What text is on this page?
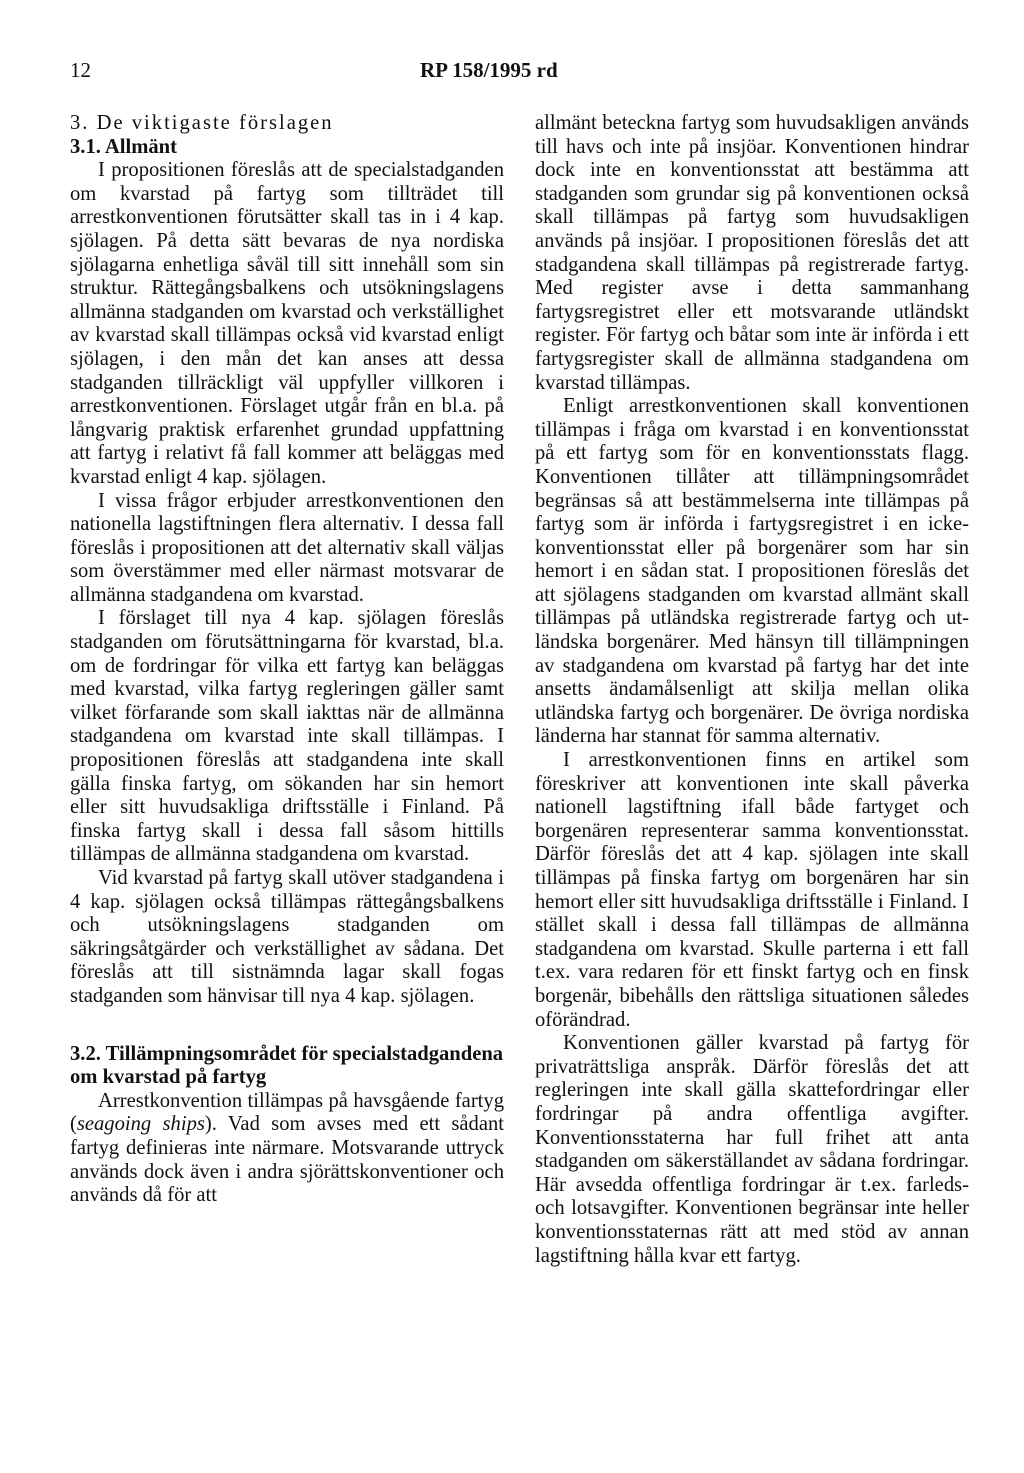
12	RP 158/1995 rd

3. De viktigaste förslagen

3.1. Allmänt

I propositionen föreslås att de specialstadganden om kvarstad på fartyg som tillträdet till arrestkonventionen förutsätter skall tas in i 4 kap. sjölagen. På detta sätt bevaras de nya nordiska sjölagarna enhetliga såväl till sitt innehåll som sin struktur. Rättegångsbalkens och utsökningslagens allmänna stadganden om kvarstad och verkställighet av kvarstad skall tillämpas också vid kvarstad enligt sjölagen, i den mån det kan anses att dessa stadganden tillräckligt väl uppfyller villkoren i arrestkonventionen. Förslaget utgår från en bl.a. på långvarig praktisk erfarenhet grundad uppfattning att fartyg i relativt få fall kommer att beläggas med kvarstad enligt 4 kap. sjölagen.

I vissa frågor erbjuder arrestkonventionen den nationella lagstiftningen flera alternativ. I dessa fall föreslås i propositionen att det alternativ skall väljas som överstämmer med eller närmast motsvarar de allmänna stadgandena om kvarstad.

I förslaget till nya 4 kap. sjölagen föreslås stadganden om förutsättningarna för kvarstad, bl.a. om de fordringar för vilka ett fartyg kan beläggas med kvarstad, vilka fartyg regleringen gäller samt vilket förfarande som skall iakttas när de allmänna stadgandena om kvarstad inte skall tillämpas. I propositionen föreslås att stadgandena inte skall gälla finska fartyg, om sökanden har sin hemort eller sitt huvudsakliga driftsställe i Finland. På finska fartyg skall i dessa fall såsom hittills tillämpas de allmänna stadgandena om kvarstad.

Vid kvarstad på fartyg skall utöver stadgandena i 4 kap. sjölagen också tillämpas rättegångsbalkens och utsökningslagens stadganden om säkringsåtgärder och verkställighet av sådana. Det föreslås att till sistnämnda lagar skall fogas stadganden som hänvisar till nya 4 kap. sjölagen.

3.2. Tillämpningsområdet för specialstadgandena om kvarstad på fartyg

Arrestkonvention tillämpas på havsgående fartyg (seagoing ships). Vad som avses med ett sådant fartyg definieras inte närmare. Motsvarande uttryck används dock även i andra sjörättskonventioner och används då för att

allmänt beteckna fartyg som huvudsakligen används till havs och inte på insjöar. Konventionen hindrar dock inte en konventionsstat att bestämma att stadganden som grundar sig på konventionen också skall tillämpas på fartyg som huvudsakligen används på insjöar. I propositionen föreslås det att stadgandena skall tillämpas på registrerade fartyg. Med register avse i detta sammanhang fartygsregistret eller ett motsvarande utländskt register. För fartyg och båtar som inte är införda i ett fartygsregister skall de allmänna stadgandena om kvarstad tillämpas.

Enligt arrestkonventionen skall konventionen tillämpas i fråga om kvarstad i en konventionsstat på ett fartyg som för en konventionsstats flagg. Konventionen tillåter att tillämpningsområdet begränsas så att bestämmelserna inte tillämpas på fartyg som är införda i fartygsregistret i en icke-konventionsstat eller på borgenärer som har sin hemort i en sådan stat. I propositionen föreslås det att sjölagens stadganden om kvarstad allmänt skall tillämpas på utländska registrerade fartyg och utländska borgenärer. Med hänsyn till tillämpningen av stadgandena om kvarstad på fartyg har det inte ansetts ändamålsenligt att skilja mellan olika utländska fartyg och borgenärer. De övriga nordiska länderna har stannat för samma alternativ.

I arrestkonventionen finns en artikel som föreskriver att konventionen inte skall påverka nationell lagstiftning ifall både fartyget och borgenären representerar samma konventionsstat. Därför föreslås det att 4 kap. sjölagen inte skall tillämpas på finska fartyg om borgenären har sin hemort eller sitt huvudsakliga driftsställe i Finland. I stället skall i dessa fall tillämpas de allmänna stadgandena om kvarstad. Skulle parterna i ett fall t.ex. vara redaren för ett finskt fartyg och en finsk borgenär, bibehålls den rättsliga situationen således oförändrad.

Konventionen gäller kvarstad på fartyg för privaträttsliga anspråk. Därför föreslås det att regleringen inte skall gälla skattefordringar eller fordringar på andra offentliga avgifter. Konventionsstaterna har full frihet att anta stadganden om säkerställandet av sådana fordringar. Här avsedda offentliga fordringar är t.ex. farleds- och lotsavgifter. Konventionen begränsar inte heller konventionsstaternas rätt att med stöd av annan lagstiftning hålla kvar ett fartyg.
